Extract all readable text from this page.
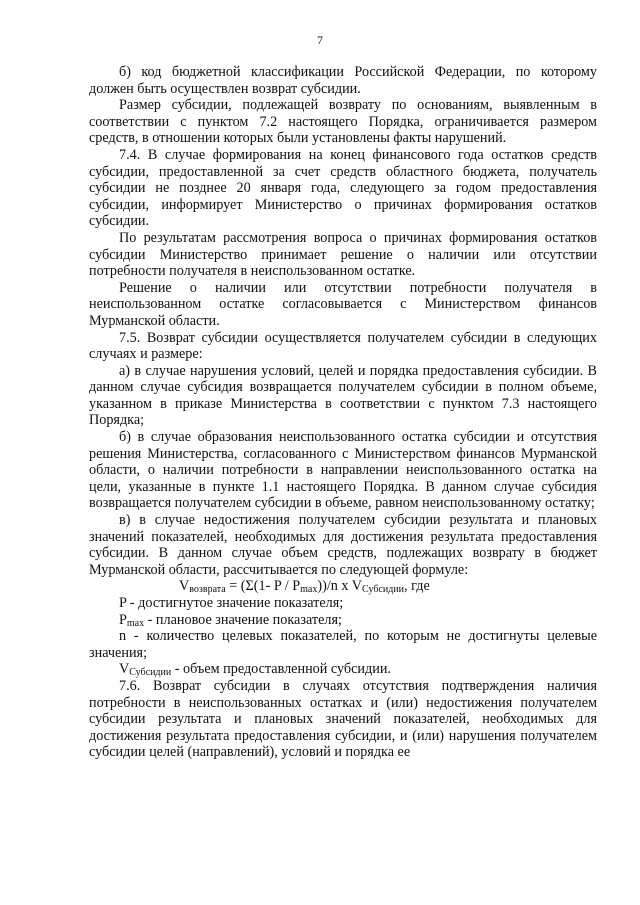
7

б) код бюджетной классификации Российской Федерации, по которому должен быть осуществлен возврат субсидии.

Размер субсидии, подлежащей возврату по основаниям, выявленным в соответствии с пунктом 7.2 настоящего Порядка, ограничивается размером средств, в отношении которых были установлены факты нарушений.

7.4. В случае формирования на конец финансового года остатков средств субсидии, предоставленной за счет средств областного бюджета, получатель субсидии не позднее 20 января года, следующего за годом предоставления субсидии, информирует Министерство о причинах формирования остатков субсидии.

По результатам рассмотрения вопроса о причинах формирования остатков субсидии Министерство принимает решение о наличии или отсутствии потребности получателя в неиспользованном остатке.

Решение о наличии или отсутствии потребности получателя в неиспользованном остатке согласовывается с Министерством финансов Мурманской области.

7.5. Возврат субсидии осуществляется получателем субсидии в следующих случаях и размере:

а) в случае нарушения условий, целей и порядка предоставления субсидии. В данном случае субсидия возвращается получателем субсидии в полном объеме, указанном в приказе Министерства в соответствии с пунктом 7.3 настоящего Порядка;

б) в случае образования неиспользованного остатка субсидии и отсутствия решения Министерства, согласованного с Министерством финансов Мурманской области, о наличии потребности в направлении неиспользованного остатка на цели, указанные в пункте 1.1 настоящего Порядка. В данном случае субсидия возвращается получателем субсидии в объеме, равном неиспользованному остатку;

в) в случае недостижения получателем субсидии результата и плановых значений показателей, необходимых для достижения результата предоставления субсидии. В данном случае объем средств, подлежащих возврату в бюджет Мурманской области, рассчитывается по следующей формуле:

$V_{возврата} = (\Sigma(1-$ P / $P_{max}))/n$ x $V_{Субсидии}$, где

P - достигнутое значение показателя;

$P_{max}$ - плановое значение показателя;

n - количество целевых показателей, по которым не достигнуты целевые значения;

$V_{Субсидии}$ - объем предоставленной субсидии.

7.6. Возврат субсидии в случаях отсутствия подтверждения наличия потребности в неиспользованных остатках и (или) недостижения получателем субсидии результата и плановых значений показателей, необходимых для достижения результата предоставления субсидии, и (или) нарушения получателем субсидии целей (направлений), условий и порядка ее
